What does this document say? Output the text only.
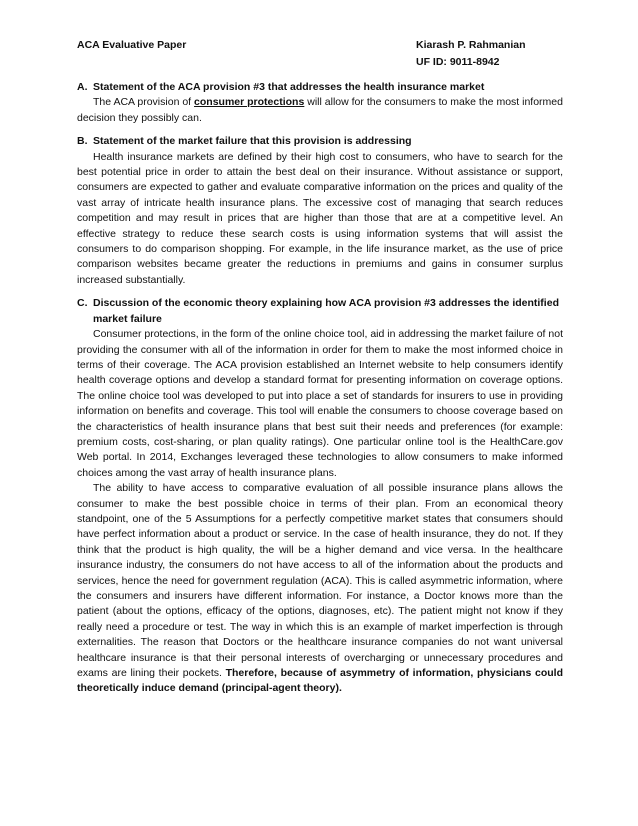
ACA Evaluative Paper	Kiarash P. Rahmanian
UF ID: 9011-8942
A. Statement of the ACA provision #3 that addresses the health insurance market

The ACA provision of consumer protections will allow for the consumers to make the most informed decision they possibly can.

B. Statement of the market failure that this provision is addressing

Health insurance markets are defined by their high cost to consumers, who have to search for the best potential price in order to attain the best deal on their insurance. Without assistance or support, consumers are expected to gather and evaluate comparative information on the prices and quality of the vast array of intricate health insurance plans. The excessive cost of managing that search reduces competition and may result in prices that are higher than those that are at a competitive level. An effective strategy to reduce these search costs is using information systems that will assist the consumers to do comparison shopping. For example, in the life insurance market, as the use of price comparison websites became greater the reductions in premiums and gains in consumer surplus increased substantially.

C. Discussion of the economic theory explaining how ACA provision #3 addresses the identified market failure

Consumer protections, in the form of the online choice tool, aid in addressing the market failure of not providing the consumer with all of the information in order for them to make the most informed choice in terms of their coverage. The ACA provision established an Internet website to help consumers identify health coverage options and develop a standard format for presenting information on coverage options. The online choice tool was developed to put into place a set of standards for insurers to use in providing information on benefits and coverage. This tool will enable the consumers to choose coverage based on the characteristics of health insurance plans that best suit their needs and preferences (for example: premium costs, cost-sharing, or plan quality ratings). One particular online tool is the HealthCare.gov Web portal. In 2014, Exchanges leveraged these technologies to allow consumers to make informed choices among the vast array of health insurance plans.

The ability to have access to comparative evaluation of all possible insurance plans allows the consumer to make the best possible choice in terms of their plan. From an economical theory standpoint, one of the 5 Assumptions for a perfectly competitive market states that consumers should have perfect information about a product or service. In the case of health insurance, they do not. If they think that the product is high quality, the will be a higher demand and vice versa. In the healthcare insurance industry, the consumers do not have access to all of the information about the products and services, hence the need for government regulation (ACA). This is called asymmetric information, where the consumers and insurers have different information. For instance, a Doctor knows more than the patient (about the options, efficacy of the options, diagnoses, etc). The patient might not know if they really need a procedure or test. The way in which this is an example of market imperfection is through externalities. The reason that Doctors or the healthcare insurance companies do not want universal healthcare insurance is that their personal interests of overcharging or unnecessary procedures and exams are lining their pockets. Therefore, because of asymmetry of information, physicians could theoretically induce demand (principal-agent theory).
